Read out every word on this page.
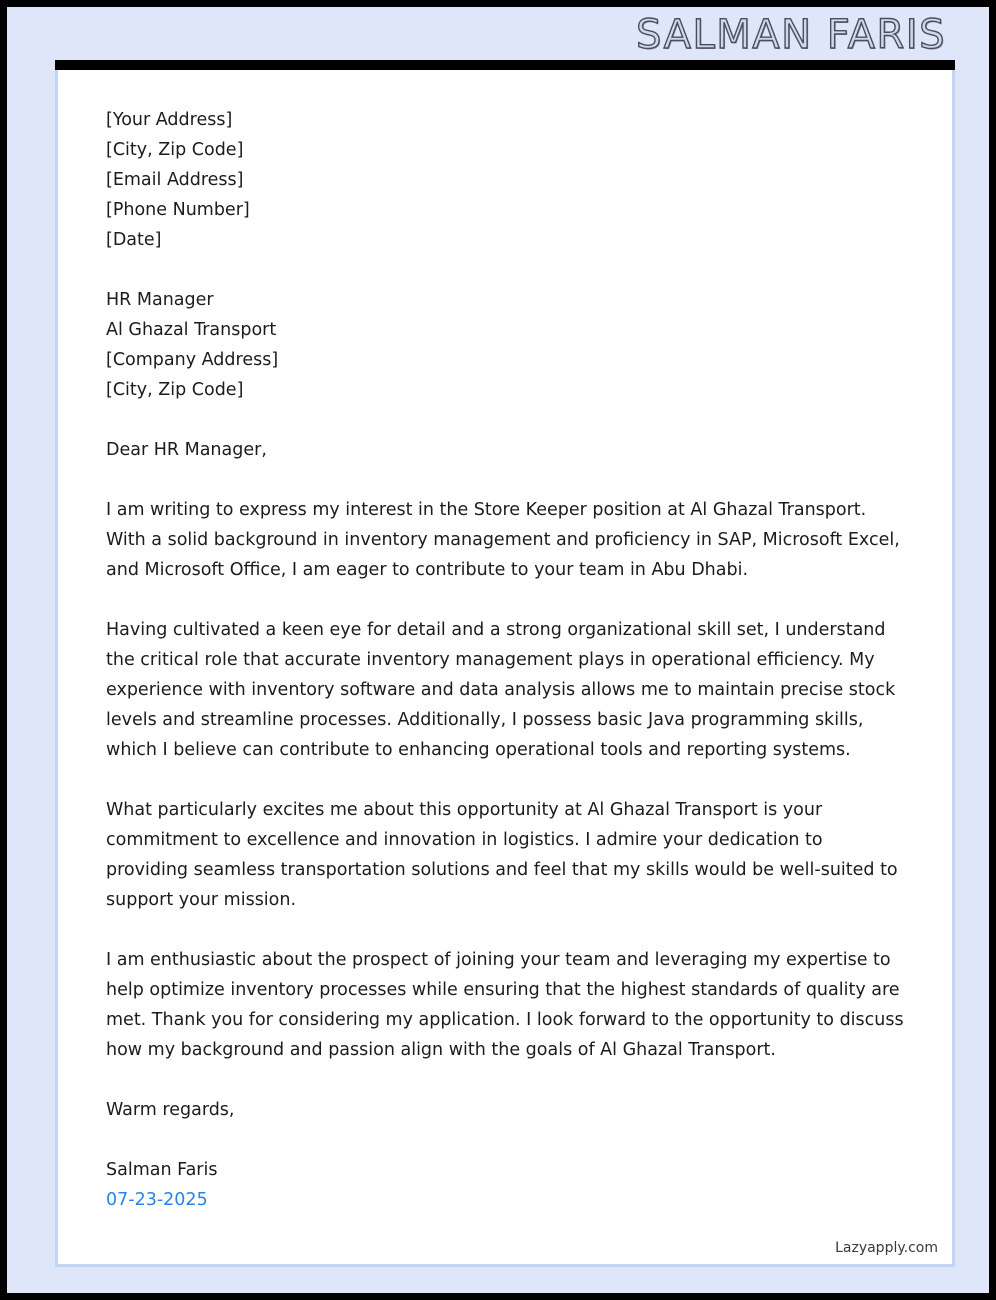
SALMAN FARIS
[Your Address]
[City, Zip Code]
[Email Address]
[Phone Number]
[Date]
HR Manager
Al Ghazal Transport
[Company Address]
[City, Zip Code]
Dear HR Manager,

I am writing to express my interest in the Store Keeper position at Al Ghazal Transport. With a solid background in inventory management and proficiency in SAP, Microsoft Excel, and Microsoft Office, I am eager to contribute to your team in Abu Dhabi.

Having cultivated a keen eye for detail and a strong organizational skill set, I understand the critical role that accurate inventory management plays in operational efficiency. My experience with inventory software and data analysis allows me to maintain precise stock levels and streamline processes. Additionally, I possess basic Java programming skills, which I believe can contribute to enhancing operational tools and reporting systems.

What particularly excites me about this opportunity at Al Ghazal Transport is your commitment to excellence and innovation in logistics. I admire your dedication to providing seamless transportation solutions and feel that my skills would be well-suited to support your mission.

I am enthusiastic about the prospect of joining your team and leveraging my expertise to help optimize inventory processes while ensuring that the highest standards of quality are met. Thank you for considering my application. I look forward to the opportunity to discuss how my background and passion align with the goals of Al Ghazal Transport.

Warm regards,
Salman Faris
07-23-2025
Lazyapply.com
